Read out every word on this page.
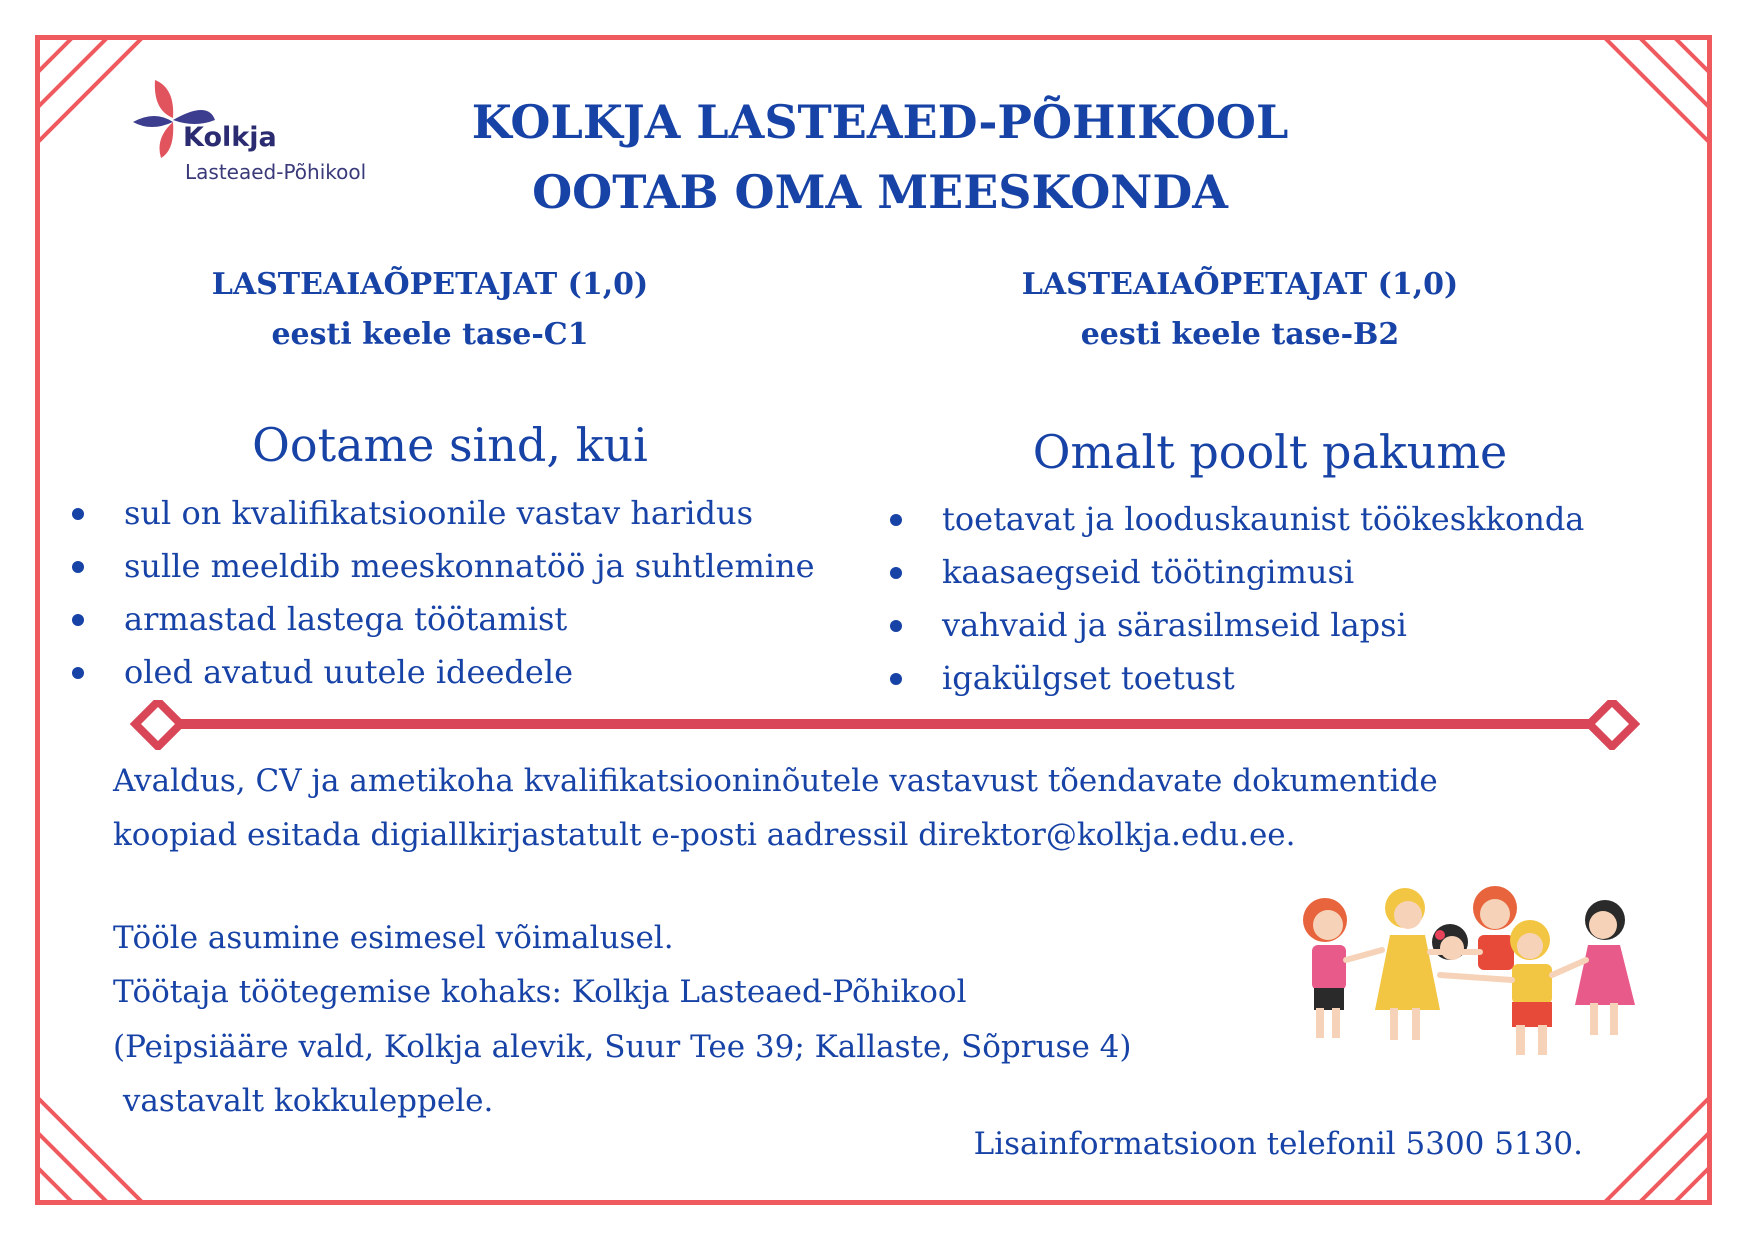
Kolkja
Lasteaed-Põhikool
KOLKJA LASTEAED-PÕHIKOOL
OOTAB OMA MEESKONDA
LASTEAIAÕPETAJAT (1,0)
eesti keele tase-C1
LASTEAIAÕPETAJAT (1,0)
eesti keele tase-B2
Ootame sind, kui	Omalt poolt pakume
sul on kvalifikatsioonile vastav haridus
sulle meeldib meeskonnatöö ja suhtlemine
armastad lastega töötamist
oled avatud uutele ideedele
toetavat ja looduskaunist töökeskkonda
kaasaegseid töötingimusi
vahvaid ja särasilmseid lapsi
igakülgset toetust
Avaldus, CV ja ametikoha kvalifikatsiooninõutele vastavust tõendavate dokumentide
koopiad esitada digiallkirjastatult e-posti aadressil direktor@kolkja.edu.ee.
Tööle asumine esimesel võimalusel.
Töötaja töötegemise kohaks: Kolkja Lasteaed-Põhikool
(Peipsiääre vald, Kolkja alevik, Suur Tee 39; Kallaste, Sõpruse 4)
vastavalt kokkuleppele.
Lisainformatsioon telefonil 5300 5130.
